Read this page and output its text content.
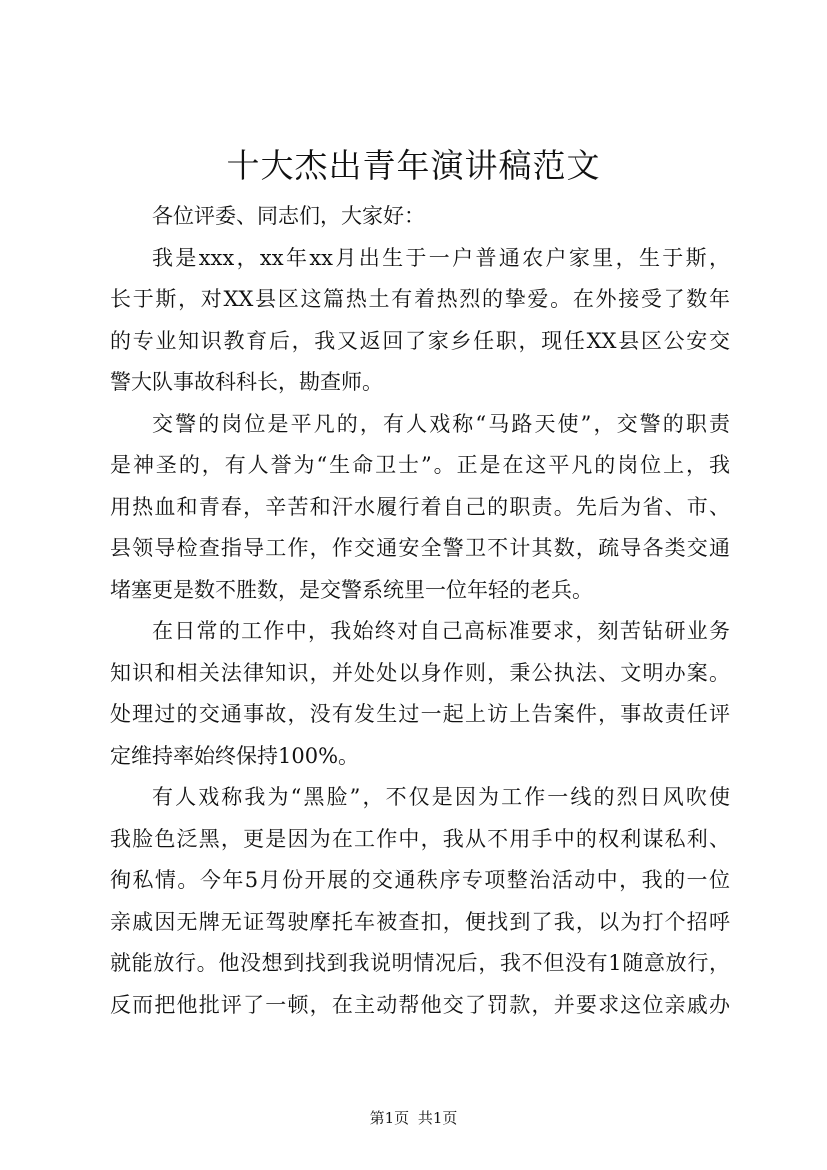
十大杰出青年演讲稿范文
各位评委、同志们，大家好：
我是xxx，xx年xx月出生于一户普通农户家里，生于斯，
长于斯，对XX县区这篇热土有着热烈的挚爱。在外接受了数年
的专业知识教育后，我又返回了家乡任职，现任XX县区公安交
警大队事故科科长，勘查师。
交警的岗位是平凡的，有人戏称“马路天使”，交警的职责
是神圣的，有人誉为“生命卫士”。正是在这平凡的岗位上，我
用热血和青春，辛苦和汗水履行着自己的职责。先后为省、市、
县领导检查指导工作，作交通安全警卫不计其数，疏导各类交通
堵塞更是数不胜数，是交警系统里一位年轻的老兵。
在日常的工作中，我始终对自己高标准要求，刻苦钻研业务
知识和相关法律知识，并处处以身作则，秉公执法、文明办案。
处理过的交通事故，没有发生过一起上访上告案件，事故责任评
定维持率始终保持100%。
有人戏称我为“黑脸”，不仅是因为工作一线的烈日风吹使
我脸色泛黑，更是因为在工作中，我从不用手中的权利谋私利、
徇私情。今年5月份开展的交通秩序专项整治活动中，我的一位
亲戚因无牌无证驾驶摩托车被查扣，便找到了我，以为打个招呼
就能放行。他没想到找到我说明情况后，我不但没有1随意放行，
反而把他批评了一顿，在主动帮他交了罚款，并要求这位亲戚办
第1页 共1页
